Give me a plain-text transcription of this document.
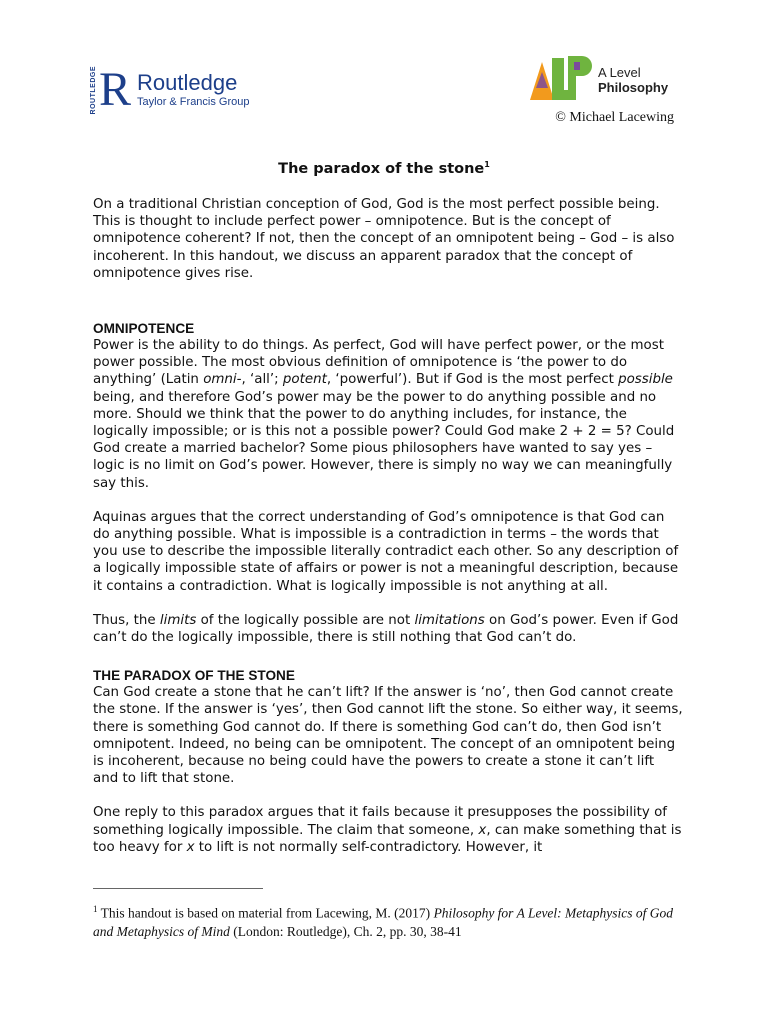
ROUTLEDGE R Routledge
Taylor & Francis Group
A Level
Philosophy
© Michael Lacewing
The paradox of the stone$^1$

On a traditional Christian conception of God, God is the most perfect possible being. This is thought to include perfect power – omnipotence. But is the concept of omnipotence coherent? If not, then the concept of an omnipotent being – God – is also incoherent. In this handout, we discuss an apparent paradox that the concept of omnipotence gives rise.

OMNIPOTENCE

Power is the ability to do things. As perfect, God will have perfect power, or the most power possible. The most obvious definition of omnipotence is ‘the power to do anything’ (Latin omni-, ‘all’; potent, ‘powerful’). But if God is the most perfect possible being, and therefore God’s power may be the power to do anything possible and no more. Should we think that the power to do anything includes, for instance, the logically impossible; or is this not a possible power? Could God make 2 + 2 = 5? Could God create a married bachelor? Some pious philosophers have wanted to say yes – logic is no limit on God’s power. However, there is simply no way we can meaningfully say this.

Aquinas argues that the correct understanding of God’s omnipotence is that God can do anything possible. What is impossible is a contradiction in terms – the words that you use to describe the impossible literally contradict each other. So any description of a logically impossible state of affairs or power is not a meaningful description, because it contains a contradiction. What is logically impossible is not anything at all.

Thus, the limits of the logically possible are not limitations on God’s power. Even if God can’t do the logically impossible, there is still nothing that God can’t do.

THE PARADOX OF THE STONE

Can God create a stone that he can’t lift? If the answer is ‘no’, then God cannot create the stone. If the answer is ‘yes’, then God cannot lift the stone. So either way, it seems, there is something God cannot do. If there is something God can’t do, then God isn’t omnipotent. Indeed, no being can be omnipotent. The concept of an omnipotent being is incoherent, because no being could have the powers to create a stone it can’t lift and to lift that stone.

One reply to this paradox argues that it fails because it presupposes the possibility of something logically impossible. The claim that someone, x, can make something that is too heavy for x to lift is not normally self-contradictory. However, it

$^1$ This handout is based on material from Lacewing, M. (2017) Philosophy for A Level: Metaphysics of God and Metaphysics of Mind (London: Routledge), Ch. 2, pp. 30, 38-41
